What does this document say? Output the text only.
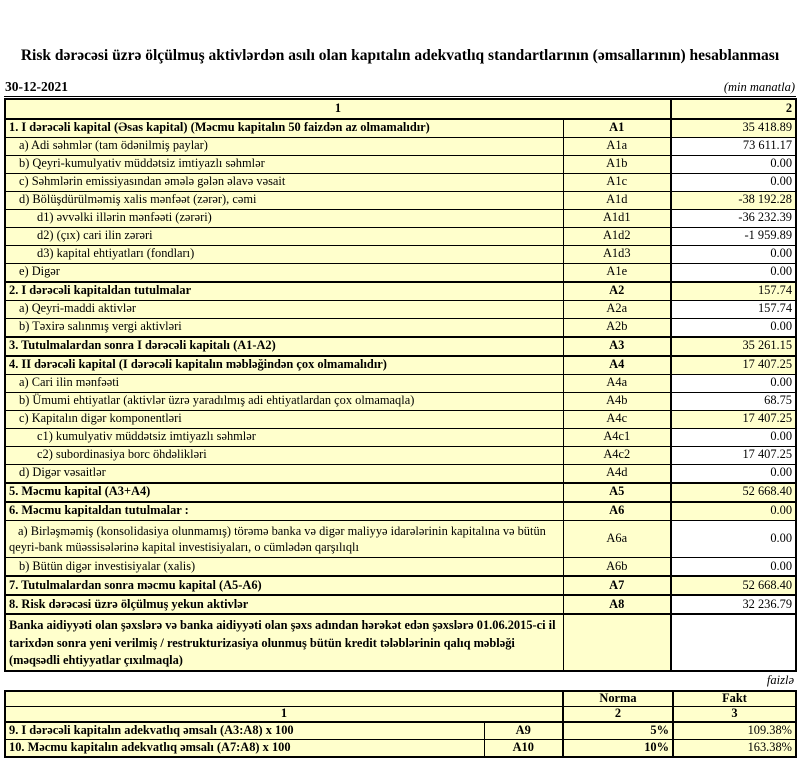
Risk dərəcəsi üzrə ölçülmuş aktivlərdən asılı olan kapıtalın adekvatlıq standartlarının (əmsallarının) hesablanması
30-12-2021	(min manatla)
1		2
1. I dərəcəli kapital (Əsas kapital) (Məcmu kapitalın 50 faizdən az olmamalıdır)	A1	35 418.89
a) Adi səhmlər (tam ödənilmiş paylar)	A1a	73 611.17
b) Qeyri-kumulyativ müddətsiz imtiyazlı səhmlər	A1b	0.00
c) Səhmlərin emissiyasından əmələ gələn əlavə vəsait	A1c	0.00
d) Bölüşdürülməmiş xalis mənfəət (zərər), cəmi	A1d	-38 192.28
d1) əvvəlki illərin mənfəəti (zərəri)	A1d1	-36 232.39
d2) (çıx) cari ilin zərəri	A1d2	-1 959.89
d3) kapital ehtiyatları (fondları)	A1d3	0.00
e) Digər	A1e	0.00
2. I dərəcəli kapitaldan tutulmalar	A2	157.74
a) Qeyri-maddi aktivlər	A2a	157.74
b) Təxirə salınmış vergi aktivləri	A2b	0.00
3. Tutulmalardan sonra I dərəcəli kapitalı (A1-A2)	A3	35 261.15
4. II dərəcəli kapital (I dərəcəli kapitalın məbləğindən çox olmamalıdır)	A4	17 407.25
a) Cari ilin mənfəəti	A4a	0.00
b) Ümumi ehtiyatlar (aktivlər üzrə yaradılmış adi ehtiyatlardan çox olmamaqla)	A4b	68.75
c) Kapitalın digər komponentləri	A4c	17 407.25
c1) kumulyativ müddətsiz imtiyazlı səhmlər	A4c1	0.00
c2) subordinasiya borc öhdəlikləri	A4c2	17 407.25
d) Digər vəsaitlər	A4d	0.00
5. Məcmu kapital (A3+A4)	A5	52 668.40
6. Məcmu kapitaldan tutulmalar :	A6	0.00
a) Birləşməmiş (konsolidasiya olunmamış) törəmə banka və digər maliyyə idarələrinin kapitalına və bütün qeyri-bank müəssisələrinə kapital investisiyaları, o cümlədən qarşılıqlı	A6a	0.00
b) Bütün digər investisiyalar (xalis)	A6b	0.00
7. Tutulmalardan sonra məcmu kapital (A5-A6)	A7	52 668.40
8. Risk dərəcəsi üzrə ölçülmuş yekun aktivlər	A8	32 236.79
Banka aidiyyəti olan şəxslərə və banka aidiyyəti olan şəxs adından hərəkət edən şəxslərə 01.06.2015-ci il tarixdən sonra yeni verilmiş / restrukturizasiya olunmuş bütün kredit tələblərinin qalıq məbləği (məqsədli ehtiyyatlar çıxılmaqla)		
faizlə
		Norma	Fakt
1		2	3
9. I dərəcəli kapitalın adekvatlıq əmsalı (A3:A8) x 100	A9	5%	109.38%
10. Məcmu kapitalın adekvatlıq əmsalı (A7:A8) x 100	A10	10%	163.38%
